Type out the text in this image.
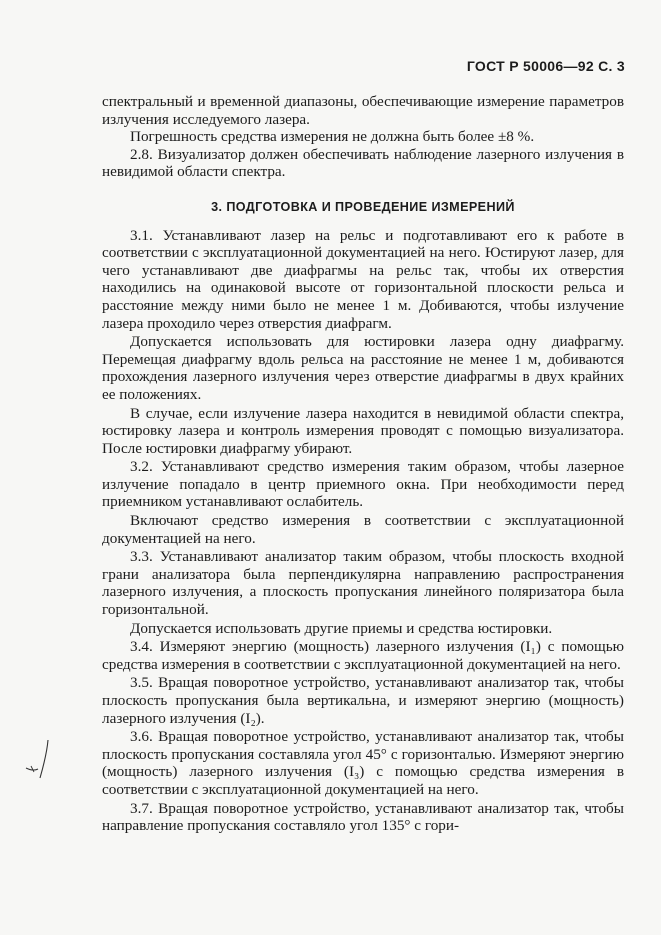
ГОСТ Р 50006—92 С. 3

спектральный и временной диапазоны, обеспечивающие измерение параметров излучения исследуемого лазера.

Погрешность средства измерения не должна быть более ±8 %.

2.8. Визуализатор должен обеспечивать наблюдение лазерного излучения в невидимой области спектра.

3. ПОДГОТОВКА И ПРОВЕДЕНИЕ ИЗМЕРЕНИЙ

3.1. Устанавливают лазер на рельс и подготавливают его к работе в соответствии с эксплуатационной документацией на него. Юстируют лазер, для чего устанавливают две диафрагмы на рельс так, чтобы их отверстия находились на одинаковой высоте от горизонтальной плоскости рельса и расстояние между ними было не менее 1 м. Добиваются, чтобы излучение лазера проходило через отверстия диафрагм.

Допускается использовать для юстировки лазера одну диафрагму. Перемещая диафрагму вдоль рельса на расстояние не менее 1 м, добиваются прохождения лазерного излучения через отверстие диафрагмы в двух крайних ее положениях.

В случае, если излучение лазера находится в невидимой области спектра, юстировку лазера и контроль измерения проводят с помощью визуализатора. После юстировки диафрагму убирают.

3.2. Устанавливают средство измерения таким образом, чтобы лазерное излучение попадало в центр приемного окна. При необходимости перед приемником устанавливают ослабитель.

Включают средство измерения в соответствии с эксплуатационной документацией на него.

3.3. Устанавливают анализатор таким образом, чтобы плоскость входной грани анализатора была перпендикулярна направлению распространения лазерного излучения, а плоскость пропускания линейного поляризатора была горизонтальной.

Допускается использовать другие приемы и средства юстировки.

3.4. Измеряют энергию (мощность) лазерного излучения (I₁) с помощью средства измерения в соответствии с эксплуатационной документацией на него.

3.5. Вращая поворотное устройство, устанавливают анализатор так, чтобы плоскость пропускания была вертикальна, и измеряют энергию (мощность) лазерного излучения (I₂).

3.6. Вращая поворотное устройство, устанавливают анализатор так, чтобы плоскость пропускания составляла угол 45° с горизонталью. Измеряют энергию (мощность) лазерного излучения (I₃) с помощью средства измерения в соответствии с эксплуатационной документацией на него.

3.7. Вращая поворотное устройство, устанавливают анализатор так, чтобы направление пропускания составляло угол 135° с гори-
